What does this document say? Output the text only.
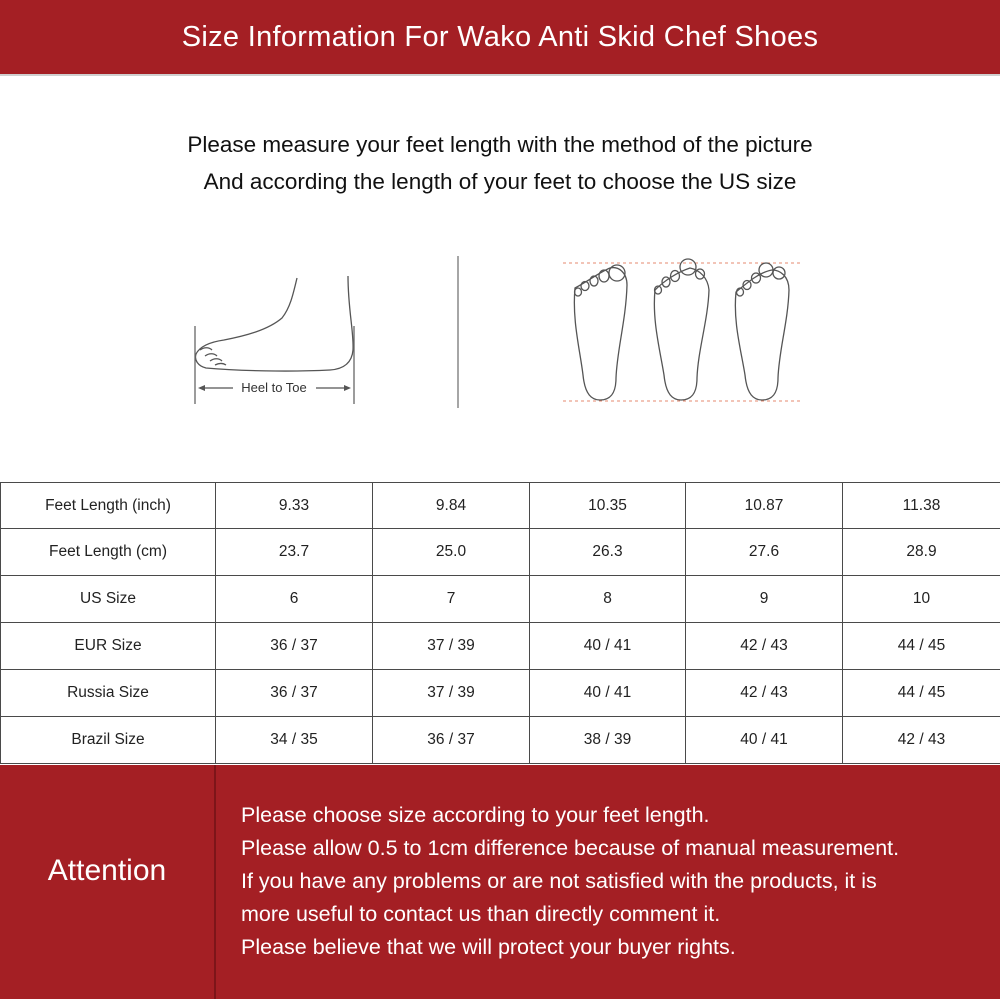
Size Information For Wako Anti Skid Chef Shoes
Please measure your feet length with the method of the picture
And according the length of your feet to choose the US size
Heel to Toe
Feet Length (inch)	9.33	9.84	10.35	10.87	11.38
Feet Length (cm)	23.7	25.0	26.3	27.6	28.9
US Size	6	7	8	9	10
EUR Size	36 / 37	37 / 39	40 / 41	42 / 43	44 / 45
Russia Size	36 / 37	37 / 39	40 / 41	42 / 43	44 / 45
Brazil Size	34 / 35	36 / 37	38 / 39	40 / 41	42 / 43
Attention
Please choose size according to your feet length.
Please allow 0.5 to 1cm difference because of manual measurement.
If you have any problems or are not satisfied with the products, it is
more useful to contact us than directly comment it.
Please believe that we will protect your buyer rights.
